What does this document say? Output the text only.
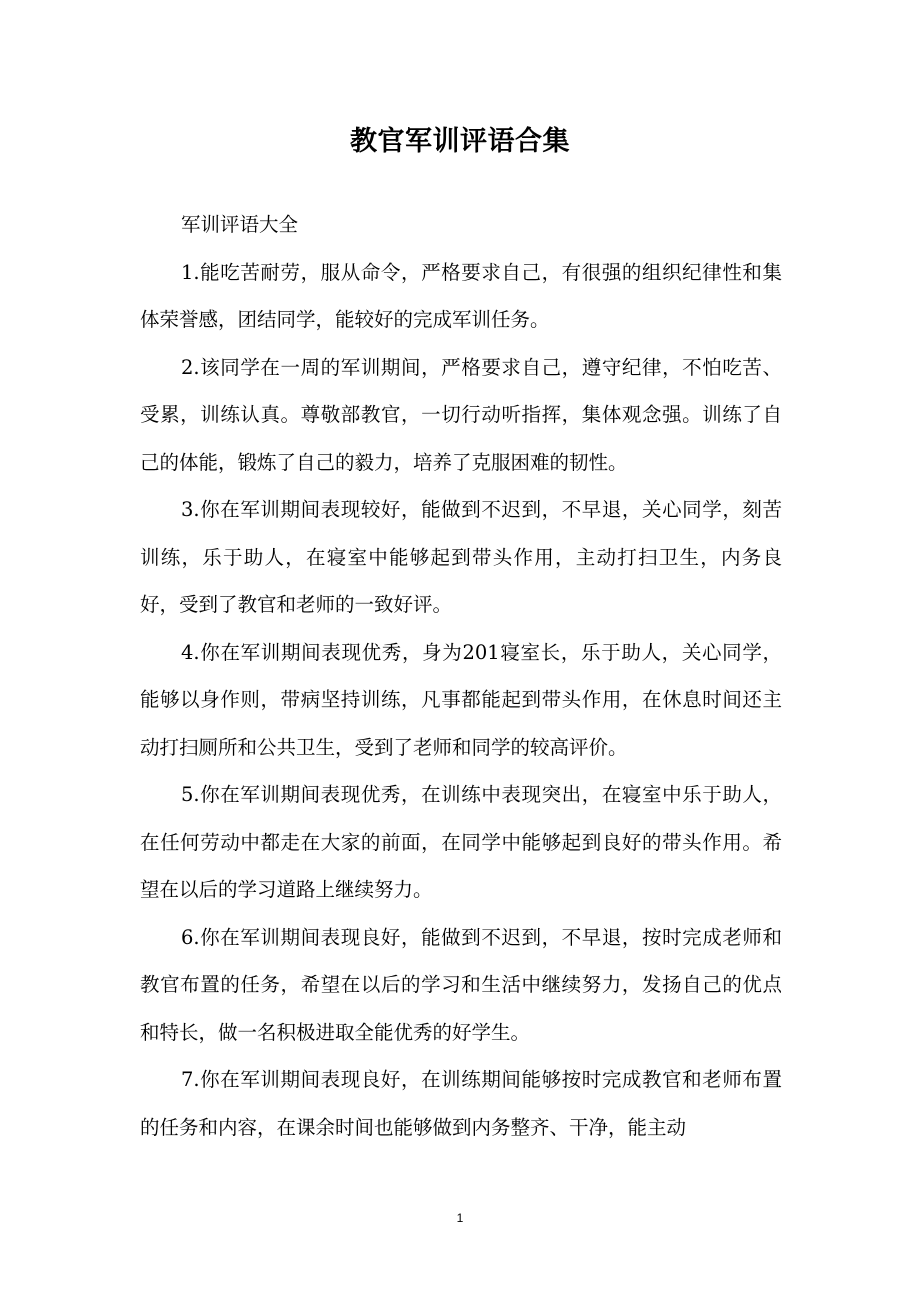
教官军训评语合集

军训评语大全

1.能吃苦耐劳，服从命令，严格要求自己，有很强的组织纪律性和集体荣誉感，团结同学，能较好的完成军训任务。

2.该同学在一周的军训期间，严格要求自己，遵守纪律，不怕吃苦、受累，训练认真。尊敬部教官，一切行动听指挥，集体观念强。训练了自己的体能，锻炼了自己的毅力，培养了克服困难的韧性。

3.你在军训期间表现较好，能做到不迟到，不早退，关心同学，刻苦训练，乐于助人，在寝室中能够起到带头作用，主动打扫卫生，内务良好，受到了教官和老师的一致好评。

4.你在军训期间表现优秀，身为201寝室长，乐于助人，关心同学，能够以身作则，带病坚持训练，凡事都能起到带头作用，在休息时间还主动打扫厕所和公共卫生，受到了老师和同学的较高评价。

5.你在军训期间表现优秀，在训练中表现突出，在寝室中乐于助人，在任何劳动中都走在大家的前面，在同学中能够起到良好的带头作用。希望在以后的学习道路上继续努力。

6.你在军训期间表现良好，能做到不迟到，不早退，按时完成老师和教官布置的任务，希望在以后的学习和生活中继续努力，发扬自己的优点和特长，做一名积极进取全能优秀的好学生。

7.你在军训期间表现良好，在训练期间能够按时完成教官和老师布置的任务和内容，在课余时间也能够做到内务整齐、干净，能主动

1
